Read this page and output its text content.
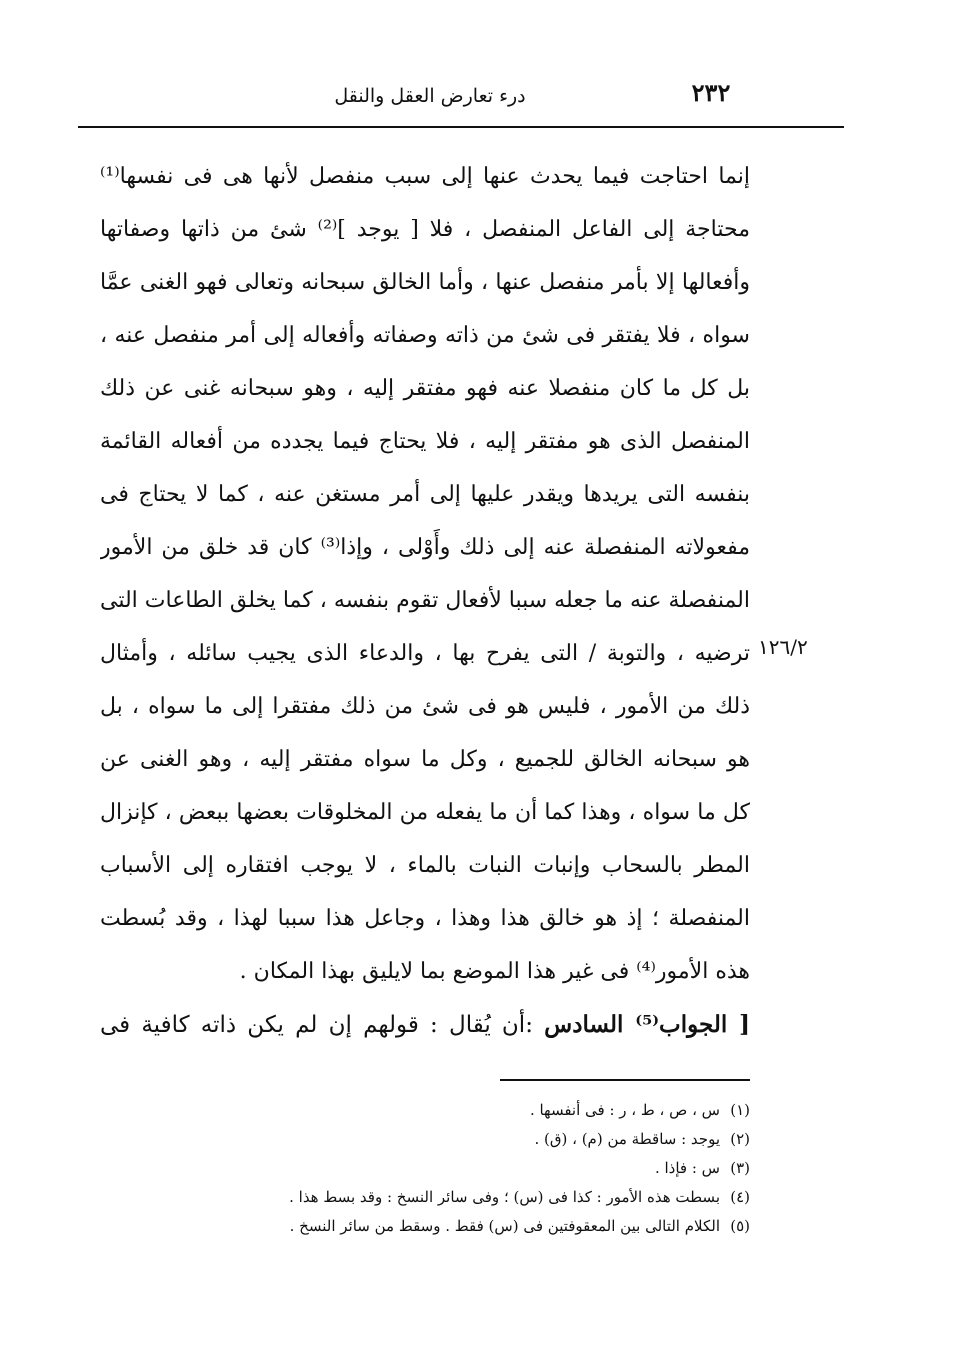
٢٣٢
درء تعارض العقل والنقل
إنما احتاجت فيما يحدث عنها إلى سبب منفصل لأنها هى فى نفسها⁽¹⁾
محتاجة إلى الفاعل المنفصل ، فلا [ يوجد ]⁽²⁾ شئ من ذاتها وصفاتها
وأفعالها إلا بأمر منفصل عنها ، وأما الخالق سبحانه وتعالى فهو الغنى عمَّا
سواه ، فلا يفتقر فى شئ من ذاته وصفاته وأفعاله إلى أمر منفصل عنه ،
بل كل ما كان منفصلا عنه فهو مفتقر إليه ، وهو سبحانه غنى عن ذلك
المنفصل الذى هو مفتقر إليه ، فلا يحتاج فيما يجدده من أفعاله القائمة
بنفسه التى يريدها ويقدر عليها إلى أمر مستغن عنه ، كما لا يحتاج فى
مفعولاته المنفصلة عنه إلى ذلك وأَوْلى ، وإذا⁽³⁾ كان قد خلق من الأمور
المنفصلة عنه ما جعله سببا لأفعال تقوم بنفسه ، كما يخلق الطاعات التى
ترضيه ، والتوبة / التى يفرح بها ، والدعاء الذى يجيب سائله ، وأمثال
ذلك من الأمور ، فليس هو فى شئ من ذلك مفتقرا إلى ما سواه ، بل
هو سبحانه الخالق للجميع ، وكل ما سواه مفتقر إليه ، وهو الغنى عن
كل ما سواه ، وهذا كما أن ما يفعله من المخلوقات بعضها ببعض ، كإنزال
المطر بالسحاب وإنبات النبات بالماء ، لا يوجب افتقاره إلى الأسباب
المنفصلة ؛ إذ هو خالق هذا وهذا ، وجاعل هذا سببا لهذا ، وقد بُسطت
هذه الأمور⁽⁴⁾ فى غير هذا الموضع بما لايليق بهذا المكان .
١٢٦/٢
[ الجواب⁽⁵⁾ السادس :أن يُقال : قولهم إن لم يكن ذاته كافية فى
(١)س ، ص ، ط ، ر : فى أنفسها .
(٢)يوجد : ساقطة من (م) ، (ق) .
(٣)س : فإذا .
(٤)بسطت هذه الأمور : كذا فى (س) ؛ وفى سائر النسخ : وقد بسط هذا .
(٥)الكلام التالى بين المعقوفتين فى (س) فقط . وسقط من سائر النسخ .
